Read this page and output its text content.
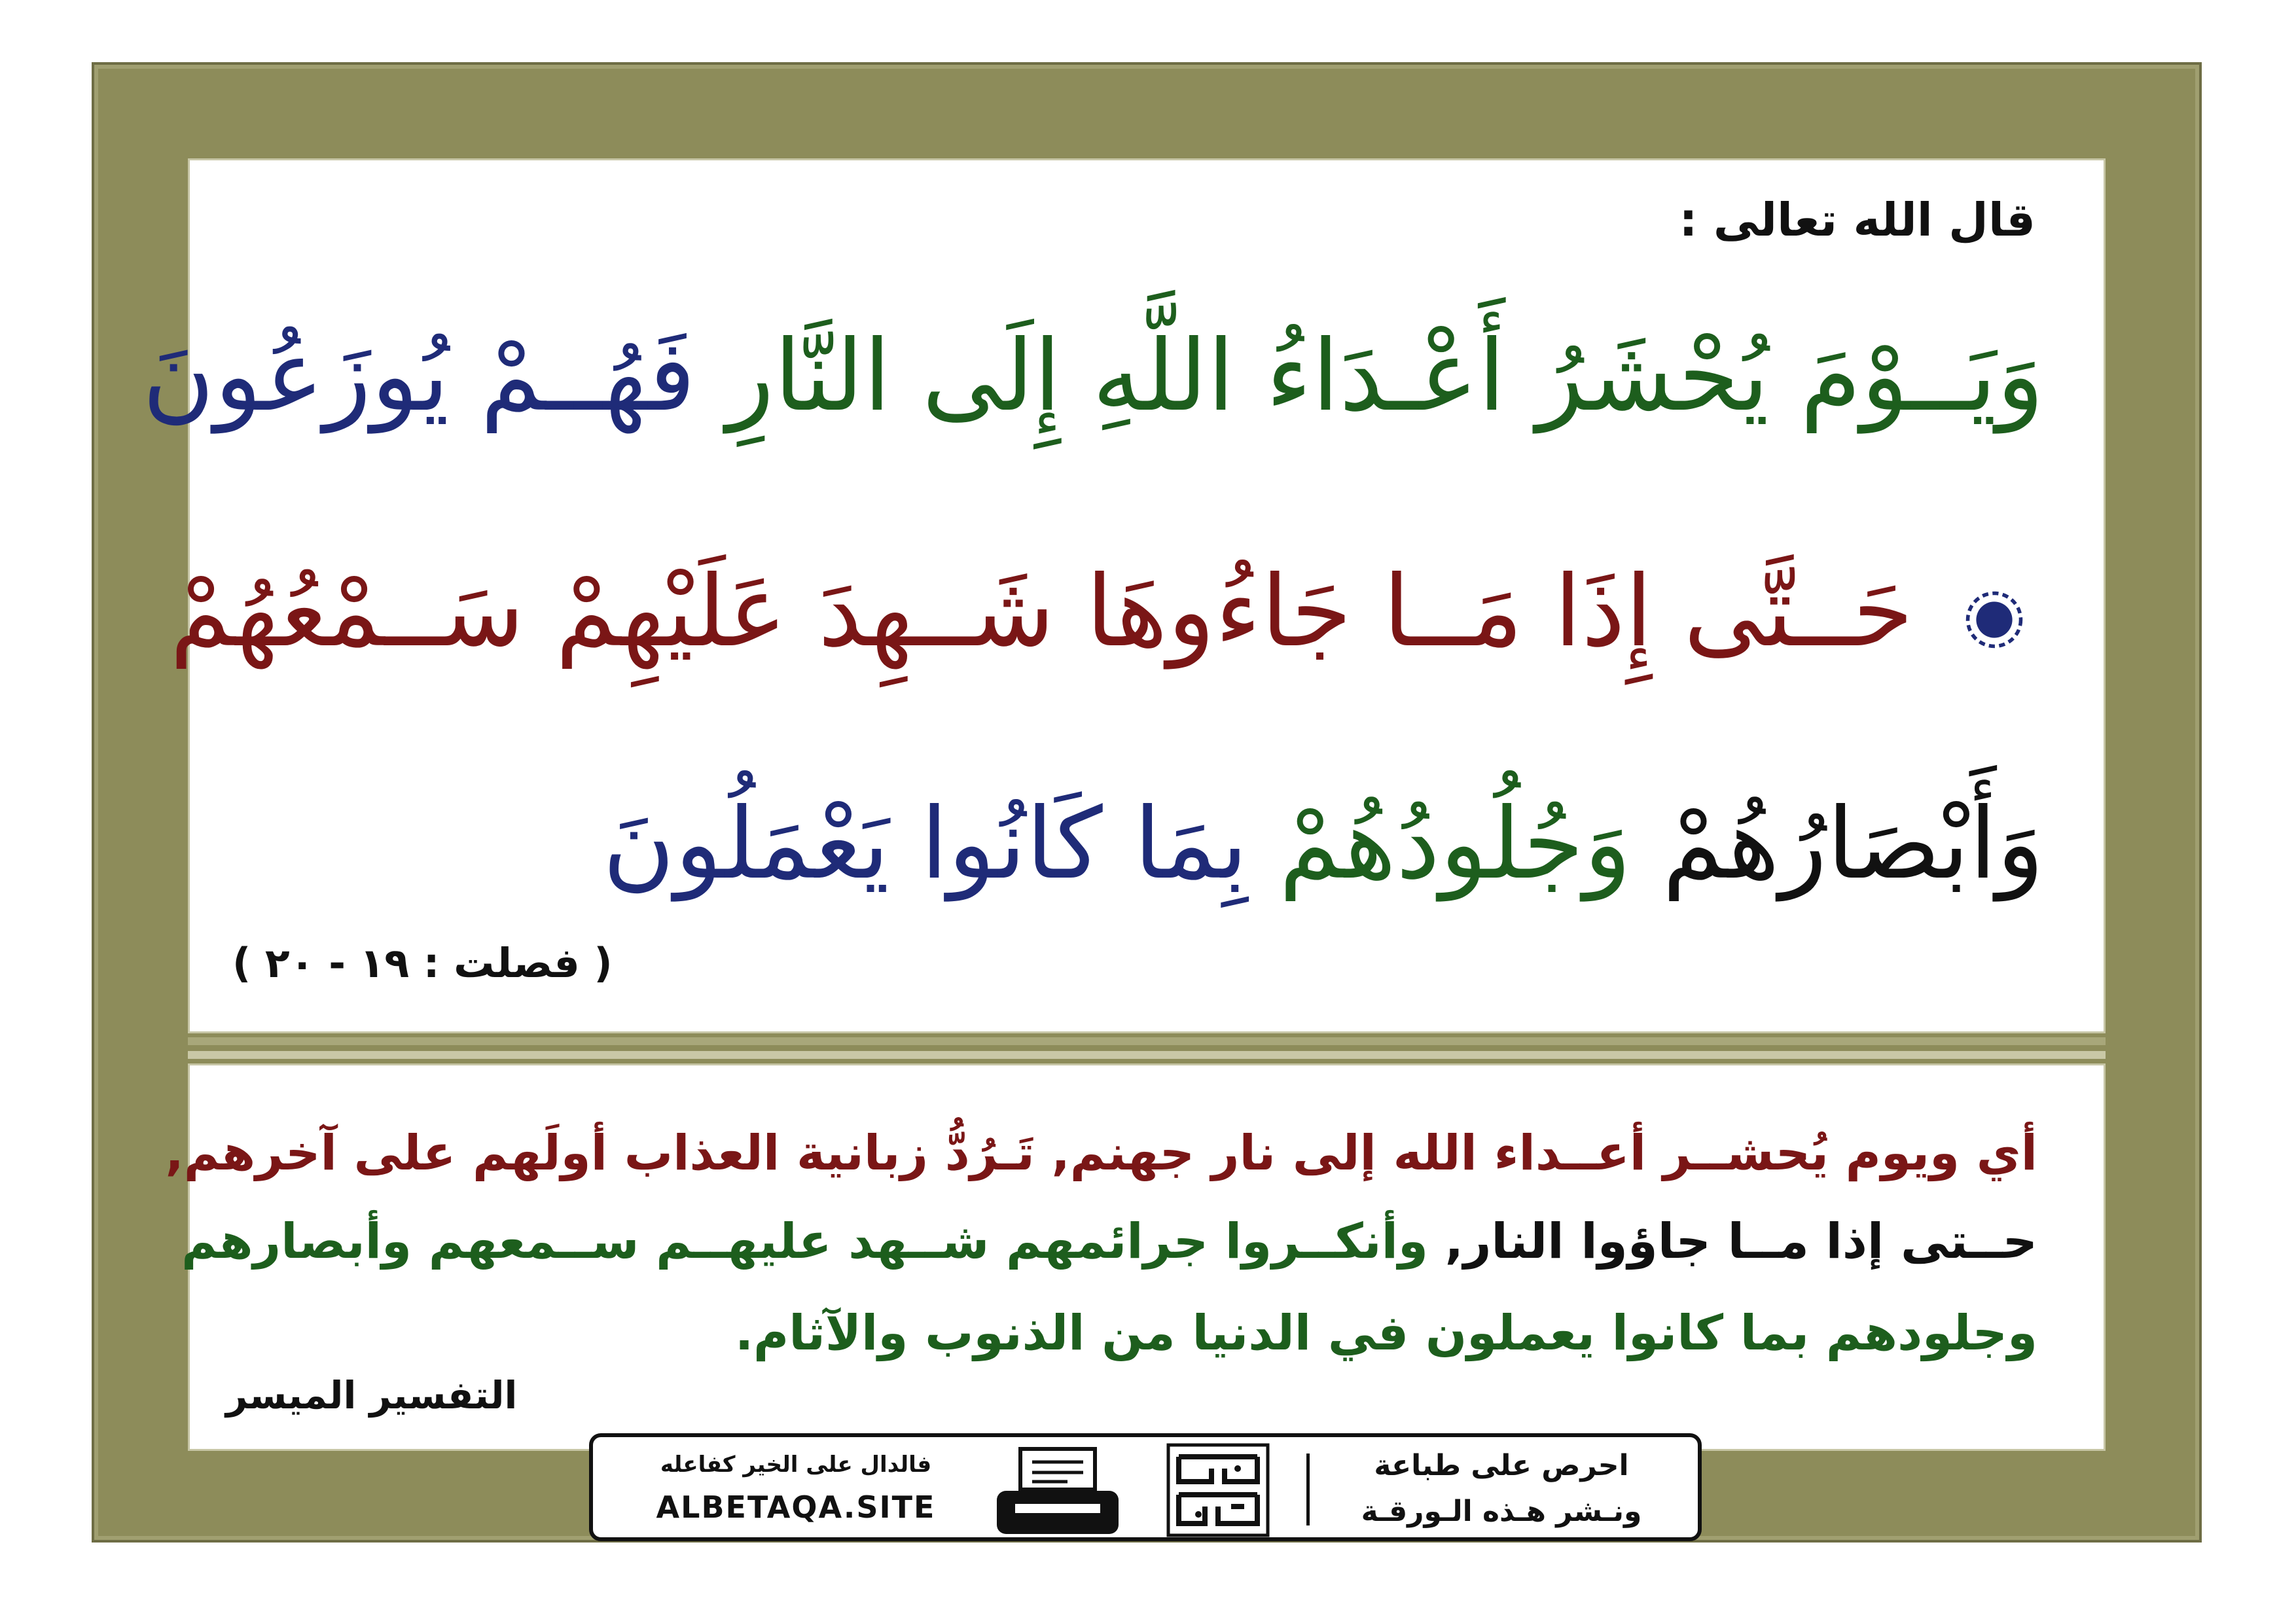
قال الله تعالى :
وَيَــوْمَ يُحْشَرُ أَعْـدَاءُ اللَّهِ إِلَى النَّارِ فَهُــمْ يُوزَعُونَ
حَــتَّى إِذَا مَــا جَاءُوهَا شَــهِدَ عَلَيْهِمْ سَــمْعُهُمْ
وَأَبْصَارُهُمْ وَجُلُودُهُمْ بِمَا كَانُوا يَعْمَلُونَ
( فصلت : ١٩ - ٢٠ )
أي ويوم يُحشــر أعــداء الله إلى نار جهنم, تَـرُدُّ زبانية العذاب أولَهم على آخرهم,
حــتى إذا مــا جاؤوا النار, وأنكــروا جرائمهم شــهد عليهــم ســمعهم وأبصارهم
وجلودهم بما كانوا يعملون في الدنيا من الذنوب والآثام.
التفسير الميسر
فالدال على الخير كفاعله
ALBETAQA.SITE
احرص على طباعة
ونـشر هـذه الـورقـة
